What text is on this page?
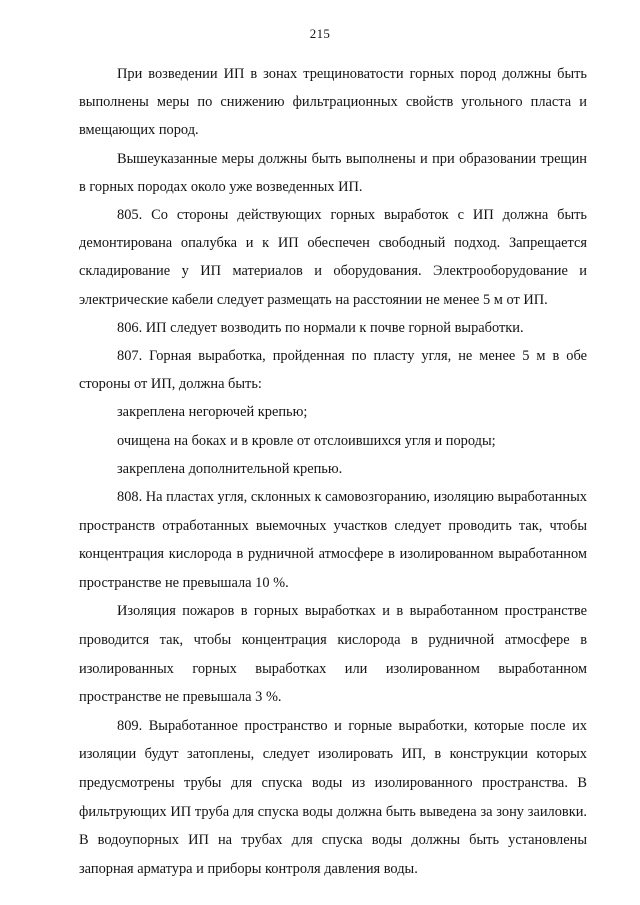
215

При возведении ИП в зонах трещиноватости горных пород должны быть выполнены меры по снижению фильтрационных свойств угольного пласта и вмещающих пород.

Вышеуказанные меры должны быть выполнены и при образовании трещин в горных породах около уже возведенных ИП.

805. Со стороны действующих горных выработок с ИП должна быть демонтирована опалубка и к ИП обеспечен свободный подход. Запрещается складирование у ИП материалов и оборудования. Электрооборудование и электрические кабели следует размещать на расстоянии не менее 5 м от ИП.

806. ИП следует возводить по нормали к почве горной выработки.

807. Горная выработка, пройденная по пласту угля, не менее 5 м в обе стороны от ИП, должна быть:

закреплена негорючей крепью;

очищена на боках и в кровле от отслоившихся угля и породы;

закреплена дополнительной крепью.

808. На пластах угля, склонных к самовозгоранию, изоляцию выработанных пространств отработанных выемочных участков следует проводить так, чтобы концентрация кислорода в рудничной атмосфере в изолированном выработанном пространстве не превышала 10 %.

Изоляция пожаров в горных выработках и в выработанном пространстве проводится так, чтобы концентрация кислорода в рудничной атмосфере в изолированных горных выработках или изолированном выработанном пространстве не превышала 3 %.

809. Выработанное пространство и горные выработки, которые после их изоляции будут затоплены, следует изолировать ИП, в конструкции которых предусмотрены трубы для спуска воды из изолированного пространства. В фильтрующих ИП труба для спуска воды должна быть выведена за зону заиловки. В водоупорных ИП на трубах для спуска воды должны быть установлены запорная арматура и приборы контроля давления воды.
